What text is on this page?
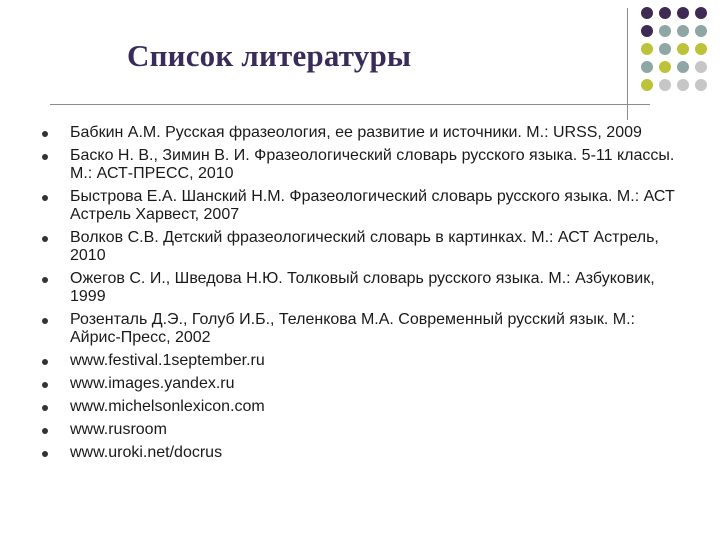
Список литературы
Бабкин А.М. Русская фразеология, ее развитие и источники. М.: URSS, 2009
Баско Н. В., Зимин В. И. Фразеологический словарь русского языка. 5-11 классы. М.: АСТ-ПРЕСС, 2010
Быстрова Е.А. Шанский Н.М. Фразеологический словарь русского языка. М.: АСТ Астрель Харвест, 2007
Волков С.В. Детский фразеологический словарь в картинках. М.: АСТ Астрель, 2010
Ожегов С. И., Шведова Н.Ю. Толковый словарь русского языка. М.: Азбуковик, 1999
Розенталь Д.Э., Голуб И.Б., Теленкова М.А. Современный русский язык. М.: Айрис-Пресс, 2002
www.festival.1september.ru
www.images.yandex.ru
www.michelsonlexicon.com
www.rusroom
www.uroki.net/docrus
